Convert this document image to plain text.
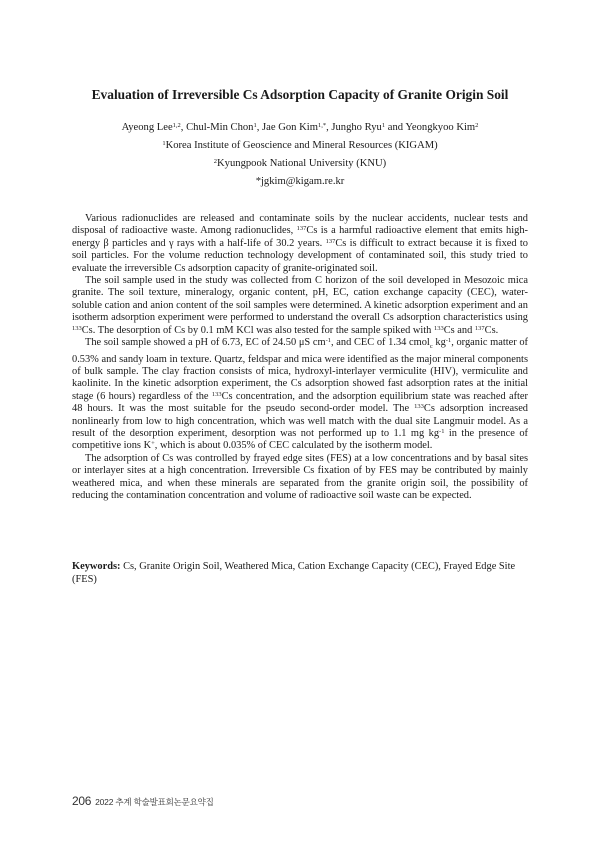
Evaluation of Irreversible Cs Adsorption Capacity of Granite Origin Soil
Ayeong Lee$^{1,2}$, Chul-Min Chon$^1$, Jae Gon Kim$^{1,*}$, Jungho Ryu$^1$ and Yeongkyoo Kim$^2$
$^1$Korea Institute of Geoscience and Mineral Resources (KIGAM)
$^2$Kyungpook National University (KNU)
*jgkim@kigam.re.kr

Various radionuclides are released and contaminate soils by the nuclear accidents, nuclear tests and disposal of radioactive waste. Among radionuclides, $^{137}$Cs is a harmful radioactive element that emits high-energy β particles and γ rays with a half-life of 30.2 years. $^{137}$Cs is difficult to extract because it is fixed to soil particles. For the volume reduction technology development of contaminated soil, this study tried to evaluate the irreversible Cs adsorption capacity of granite-originated soil.

The soil sample used in the study was collected from C horizon of the soil developed in Mesozoic mica granite. The soil texture, mineralogy, organic content, pH, EC, cation exchange capacity (CEC), water-soluble cation and anion content of the soil samples were determined. A kinetic adsorption experiment and an isotherm adsorption experiment were performed to understand the overall Cs adsorption characteristics using $^{133}$Cs. The desorption of Cs by 0.1 mM KCl was also tested for the sample spiked with $^{133}$Cs and $^{137}$Cs.

The soil sample showed a pH of 6.73, EC of 24.50 μS $cm^{-1}$, and CEC of 1.34 cmol$_c$ $kg^{-1}$, organic matter of 0.53% and sandy loam in texture. Quartz, feldspar and mica were identified as the major mineral components of bulk sample. The clay fraction consists of mica, hydroxyl-interlayer vermiculite (HIV), vermiculite and kaolinite. In the kinetic adsorption experiment, the Cs adsorption showed fast adsorption rates at the initial stage (6 hours) regardless of the $^{133}$Cs concentration, and the adsorption equilibrium state was reached after 48 hours. It was the most suitable for the pseudo second-order model. The $^{133}$Cs adsorption increased nonlinearly from low to high concentration, which was well match with the dual site Langmuir model. As a result of the desorption experiment, desorption was not performed up to 1.1 mg $kg^{-1}$ in the presence of competitive ions K+, which is about 0.035% of CEC calculated by the isotherm model.

The adsorption of Cs was controlled by frayed edge sites (FES) at a low concentrations and by basal sites or interlayer sites at a high concentration. Irreversible Cs fixation of by FES may be contributed by mainly weathered mica, and when these minerals are separated from the granite origin soil, the possibility of reducing the contamination concentration and volume of radioactive soil waste can be expected.

Keywords: Cs, Granite Origin Soil, Weathered Mica, Cation Exchange Capacity (CEC), Frayed Edge Site (FES)
206 2022 추계 학술발표회논문요약집
